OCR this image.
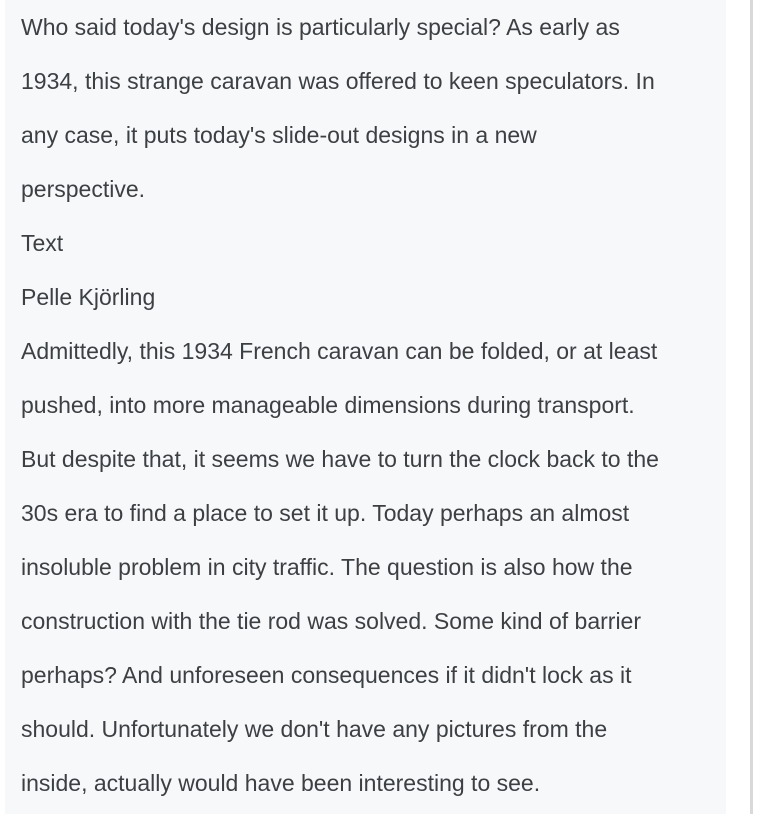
Who said today's design is particularly special? As early as
1934, this strange caravan was offered to keen speculators. In
any case, it puts today's slide-out designs in a new
perspective.

Text

Pelle Kjörling

Admittedly, this 1934 French caravan can be folded, or at least
pushed, into more manageable dimensions during transport.
But despite that, it seems we have to turn the clock back to the
30s era to find a place to set it up. Today perhaps an almost
insoluble problem in city traffic. The question is also how the
construction with the tie rod was solved. Some kind of barrier
perhaps? And unforeseen consequences if it didn't lock as it
should. Unfortunately we don't have any pictures from the
inside, actually would have been interesting to see.
